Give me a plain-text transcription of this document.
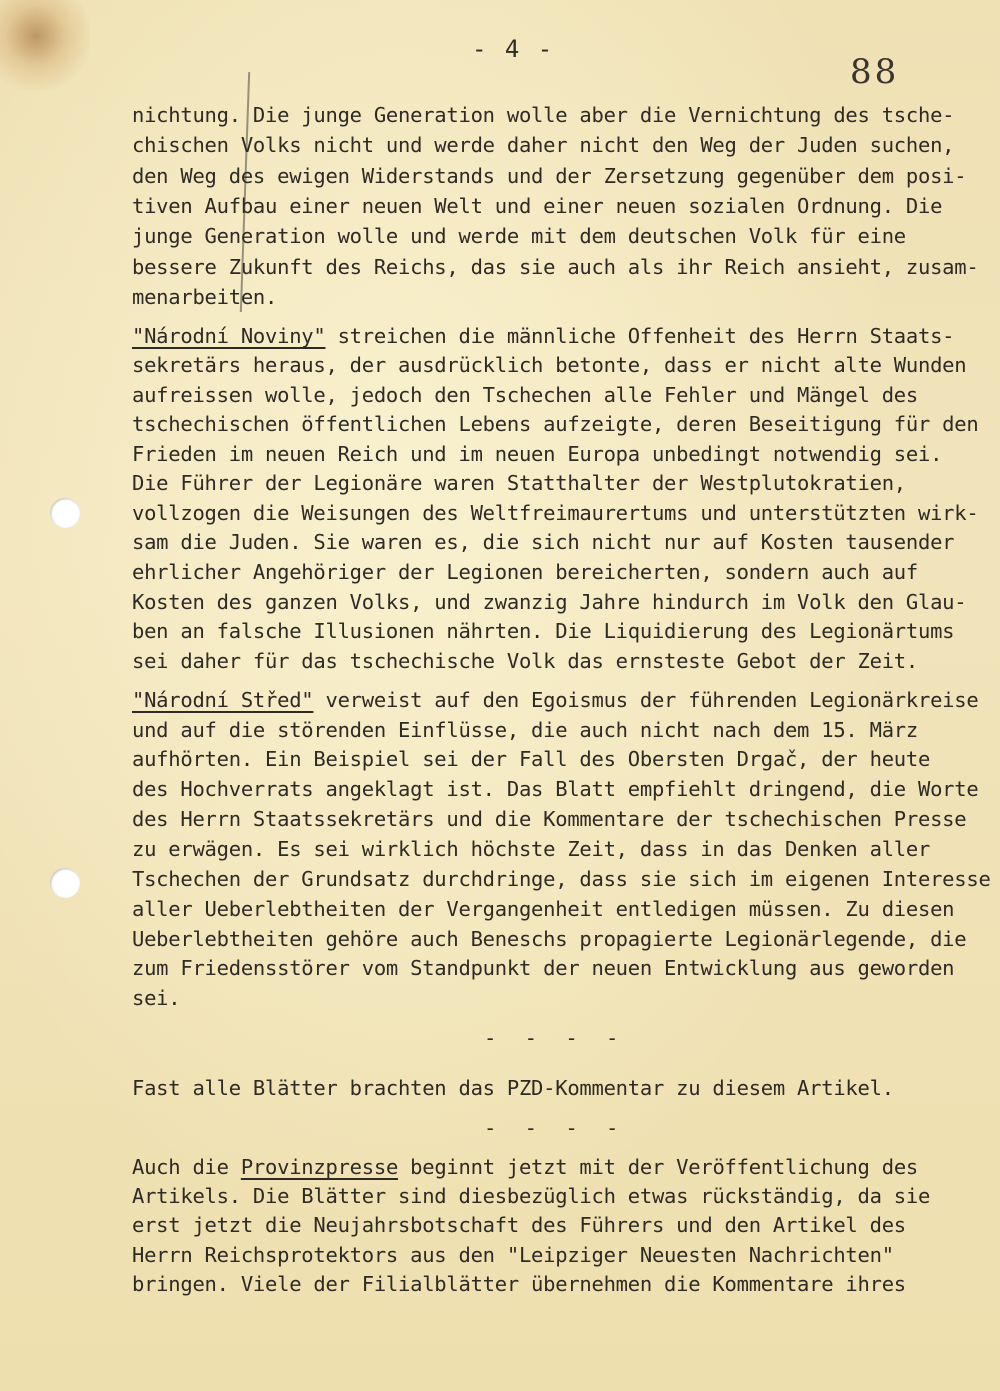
- 4 -
88
nichtung. Die junge Generation wolle aber die Vernichtung des tsche-
chischen Volks nicht und werde daher nicht den Weg der Juden suchen,
den Weg des ewigen Widerstands und der Zersetzung gegenüber dem posi-
tiven Aufbau einer neuen Welt und einer neuen sozialen Ordnung. Die
junge Generation wolle und werde mit dem deutschen Volk für eine
bessere Zukunft des Reichs, das sie auch als ihr Reich ansieht, zusam-
menarbeiten.
"Národní Noviny" streichen die männliche Offenheit des Herrn Staats-
sekretärs heraus, der ausdrücklich betonte, dass er nicht alte Wunden
aufreissen wolle, jedoch den Tschechen alle Fehler und Mängel des
tschechischen öffentlichen Lebens aufzeigte, deren Beseitigung für den
Frieden im neuen Reich und im neuen Europa unbedingt notwendig sei.
Die Führer der Legionäre waren Statthalter der Westplutokratien,
vollzogen die Weisungen des Weltfreimaurertums und unterstützten wirk-
sam die Juden. Sie waren es, die sich nicht nur auf Kosten tausender
ehrlicher Angehöriger der Legionen bereicherten, sondern auch auf
Kosten des ganzen Volks, und zwanzig Jahre hindurch im Volk den Glau-
ben an falsche Illusionen nährten. Die Liquidierung des Legionärtums
sei daher für das tschechische Volk das ernsteste Gebot der Zeit.
"Národní Střed" verweist auf den Egoismus der führenden Legionärkreise
und auf die störenden Einflüsse, die auch nicht nach dem 15. März
aufhörten. Ein Beispiel sei der Fall des Obersten Drgač, der heute
des Hochverrats angeklagt ist. Das Blatt empfiehlt dringend, die Worte
des Herrn Staatssekretärs und die Kommentare der tschechischen Presse
zu erwägen. Es sei wirklich höchste Zeit, dass in das Denken aller
Tschechen der Grundsatz durchdringe, dass sie sich im eigenen Interesse
aller Ueberlebtheiten der Vergangenheit entledigen müssen. Zu diesen
Ueberlebtheiten gehöre auch Beneschs propagierte Legionärlegende, die
zum Friedensstörer vom Standpunkt der neuen Entwicklung aus geworden
sei.
- - - -
Fast alle Blätter brachten das PZD-Kommentar zu diesem Artikel.
- - - -
Auch die Provinzpresse beginnt jetzt mit der Veröffentlichung des
Artikels. Die Blätter sind diesbezüglich etwas rückständig, da sie
erst jetzt die Neujahrsbotschaft des Führers und den Artikel des
Herrn Reichsprotektors aus den "Leipziger Neuesten Nachrichten"
bringen. Viele der Filialblätter übernehmen die Kommentare ihres
